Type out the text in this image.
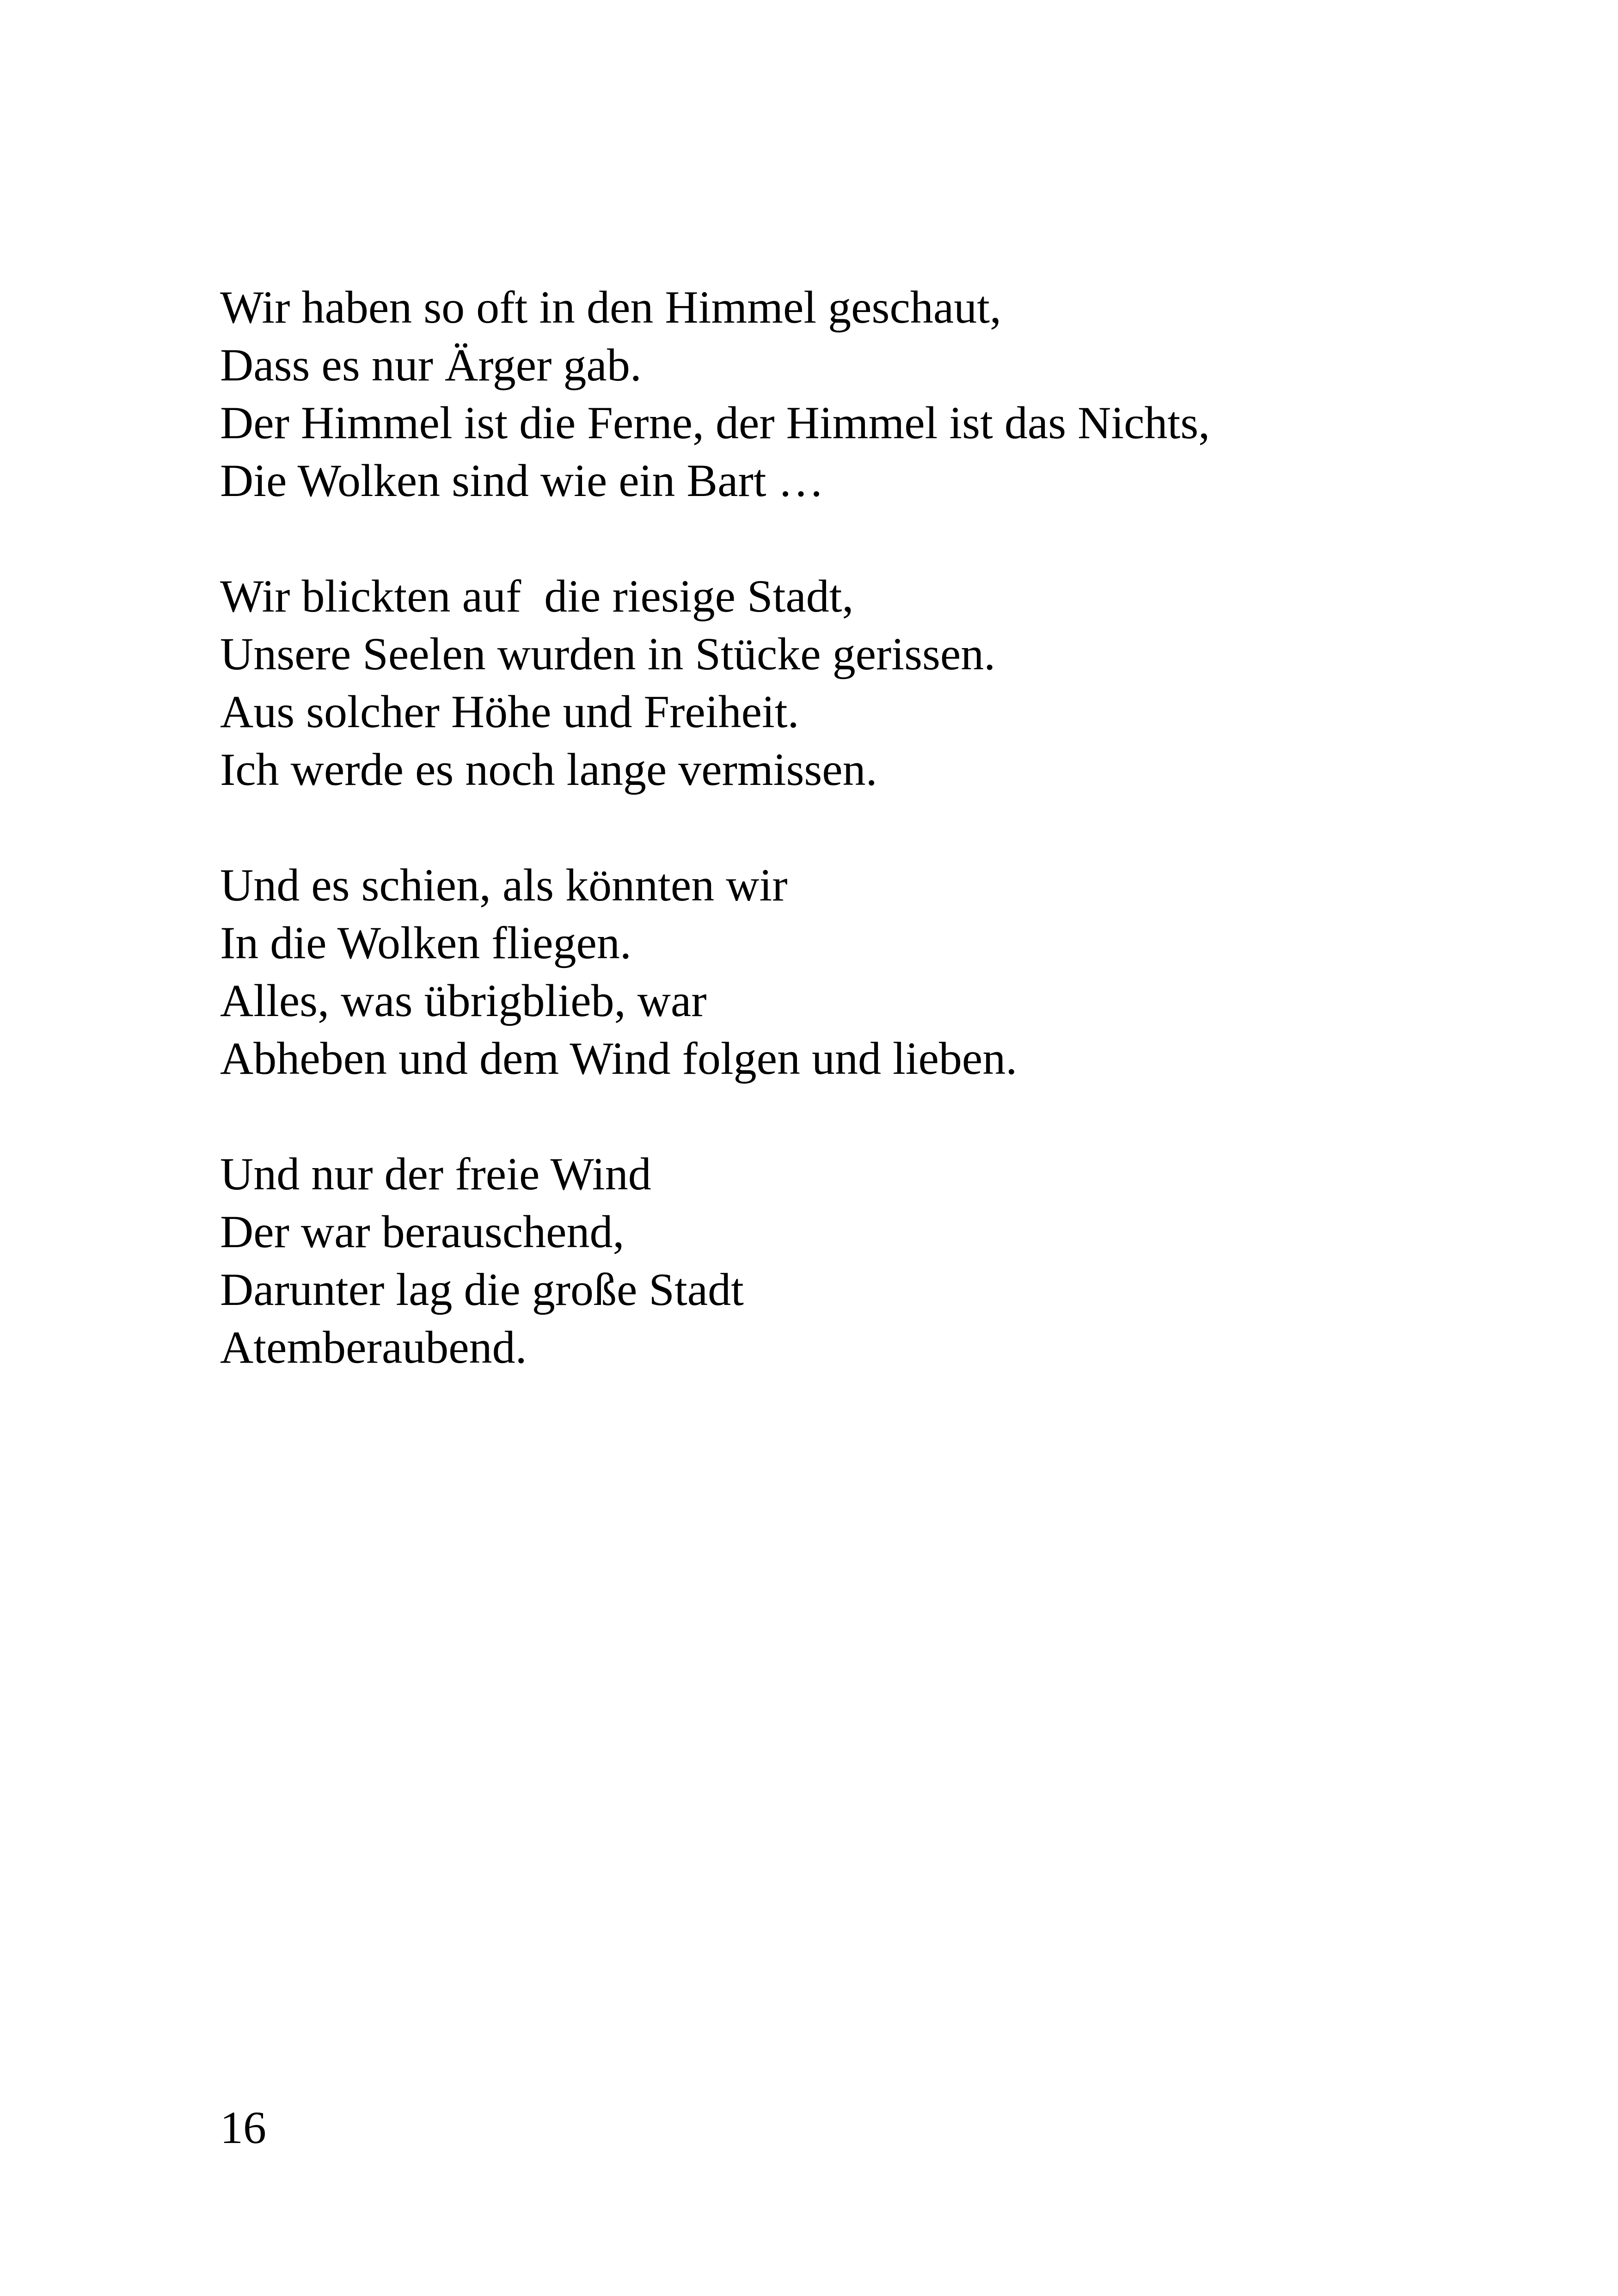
Wir haben so oft in den Himmel geschaut,
Dass es nur Ärger gab.
Der Himmel ist die Ferne, der Himmel ist das Nichts,
Die Wolken sind wie ein Bart …
Wir blickten auf  die riesige Stadt,
Unsere Seelen wurden in Stücke gerissen.
Aus solcher Höhe und Freiheit.
Ich werde es noch lange vermissen.
Und es schien, als könnten wir
In die Wolken fliegen.
Alles, was übrigblieb, war
Abheben und dem Wind folgen und lieben.
Und nur der freie Wind
Der war berauschend,
Darunter lag die große Stadt
Atemberaubend.
16
